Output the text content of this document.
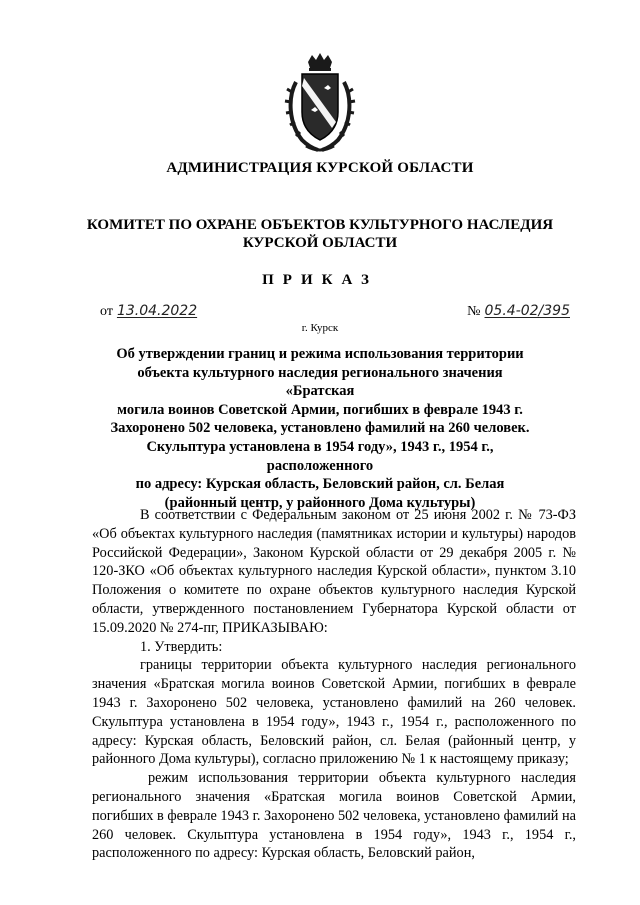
АДМИНИСТРАЦИЯ КУРСКОЙ ОБЛАСТИ
КОМИТЕТ ПО ОХРАНЕ ОБЪЕКТОВ КУЛЬТУРНОГО НАСЛЕДИЯ
КУРСКОЙ ОБЛАСТИ
ПРИКАЗ
от 13.04.2022	№ 05.4-02/395
г. Курск
Об утверждении границ и режима использования территории
объекта культурного наследия регионального значения «Братская
могила воинов Советской Армии, погибших в феврале 1943 г.
Захоронено 502 человека, установлено фамилий на 260 человек.
Скульптура установлена в 1954 году», 1943 г., 1954 г., расположенного
по адресу: Курская область, Беловский район, сл. Белая
(районный центр, у районного Дома культуры)

В соответствии с Федеральным законом от 25 июня 2002 г. № 73-ФЗ «Об объектах культурного наследия (памятниках истории и культуры) народов Российской Федерации», Законом Курской области от 29 декабря 2005 г. № 120-ЗКО «Об объектах культурного наследия Курской области», пунктом 3.10 Положения о комитете по охране объектов культурного наследия Курской области, утвержденного постановлением Губернатора Курской области от 15.09.2020 № 274-пг, ПРИКАЗЫВАЮ:

1. Утвердить:

границы территории объекта культурного наследия регионального значения «Братская могила воинов Советской Армии, погибших в феврале 1943 г. Захоронено 502 человека, установлено фамилий на 260 человек. Скульптура установлена в 1954 году», 1943 г., 1954 г., расположенного по адресу: Курская область, Беловский район, сл. Белая (районный центр, у районного Дома культуры), согласно приложению № 1 к настоящему приказу;

режим использования территории объекта культурного наследия регионального значения «Братская могила воинов Советской Армии, погибших в феврале 1943 г. Захоронено 502 человека, установлено фамилий на 260 человек. Скульптура установлена в 1954 году», 1943 г., 1954 г., расположенного по адресу: Курская область, Беловский район,
